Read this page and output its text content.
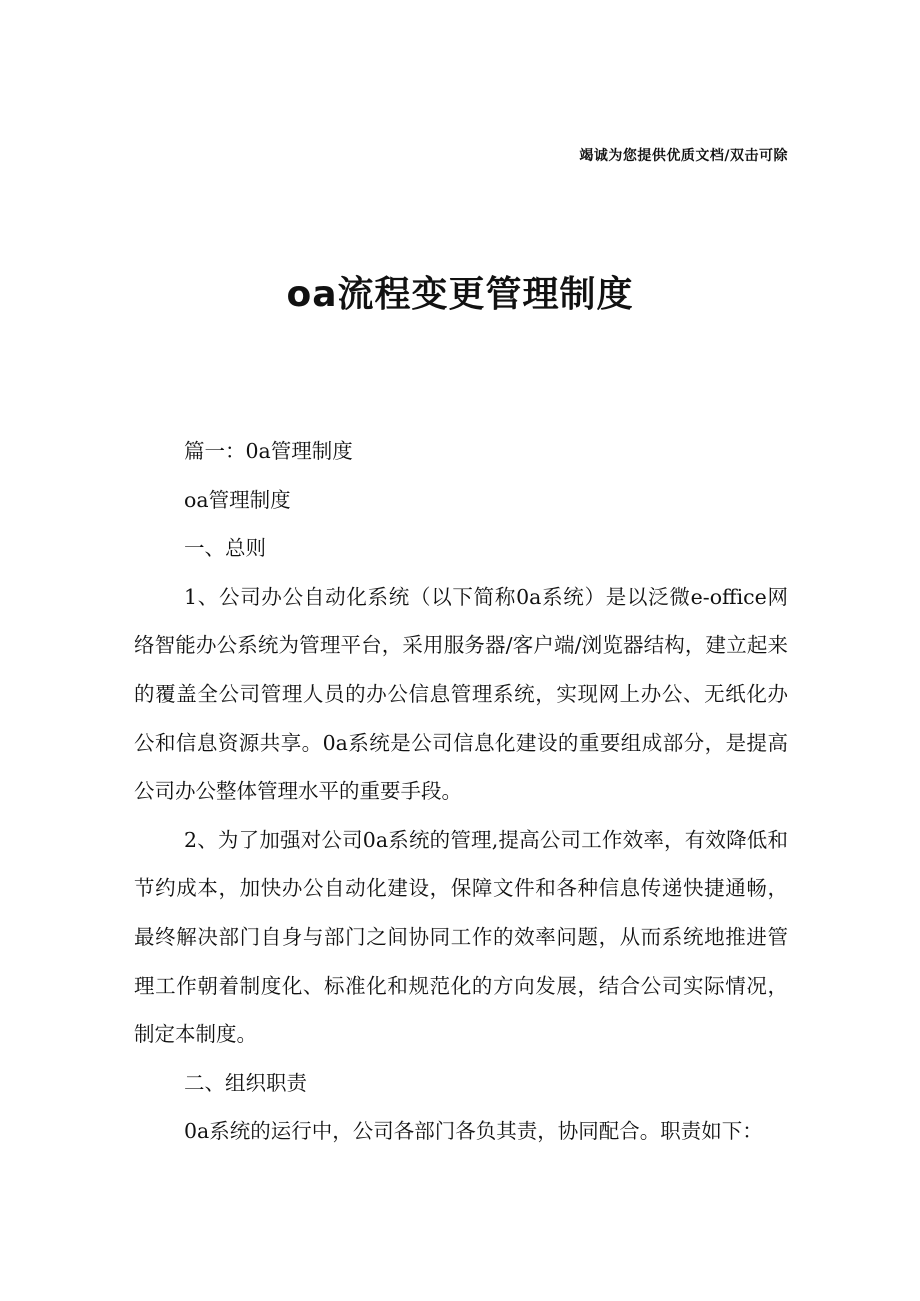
竭诚为您提供优质文档/双击可除
oa流程变更管理制度

篇一：0a管理制度

oa管理制度

一、总则

1、公司办公自动化系统（以下简称0a系统）是以泛微e-office网络智能办公系统为管理平台，采用服务器/客户端/浏览器结构，建立起来的覆盖全公司管理人员的办公信息管理系统，实现网上办公、无纸化办公和信息资源共享。0a系统是公司信息化建设的重要组成部分，是提高公司办公整体管理水平的重要手段。

2、为了加强对公司0a系统的管理,提高公司工作效率，有效降低和节约成本，加快办公自动化建设，保障文件和各种信息传递快捷通畅，最终解决部门自身与部门之间协同工作的效率问题，从而系统地推进管理工作朝着制度化、标准化和规范化的方向发展，结合公司实际情况，制定本制度。

二、组织职责

0a系统的运行中，公司各部门各负其责，协同配合。职责如下：
